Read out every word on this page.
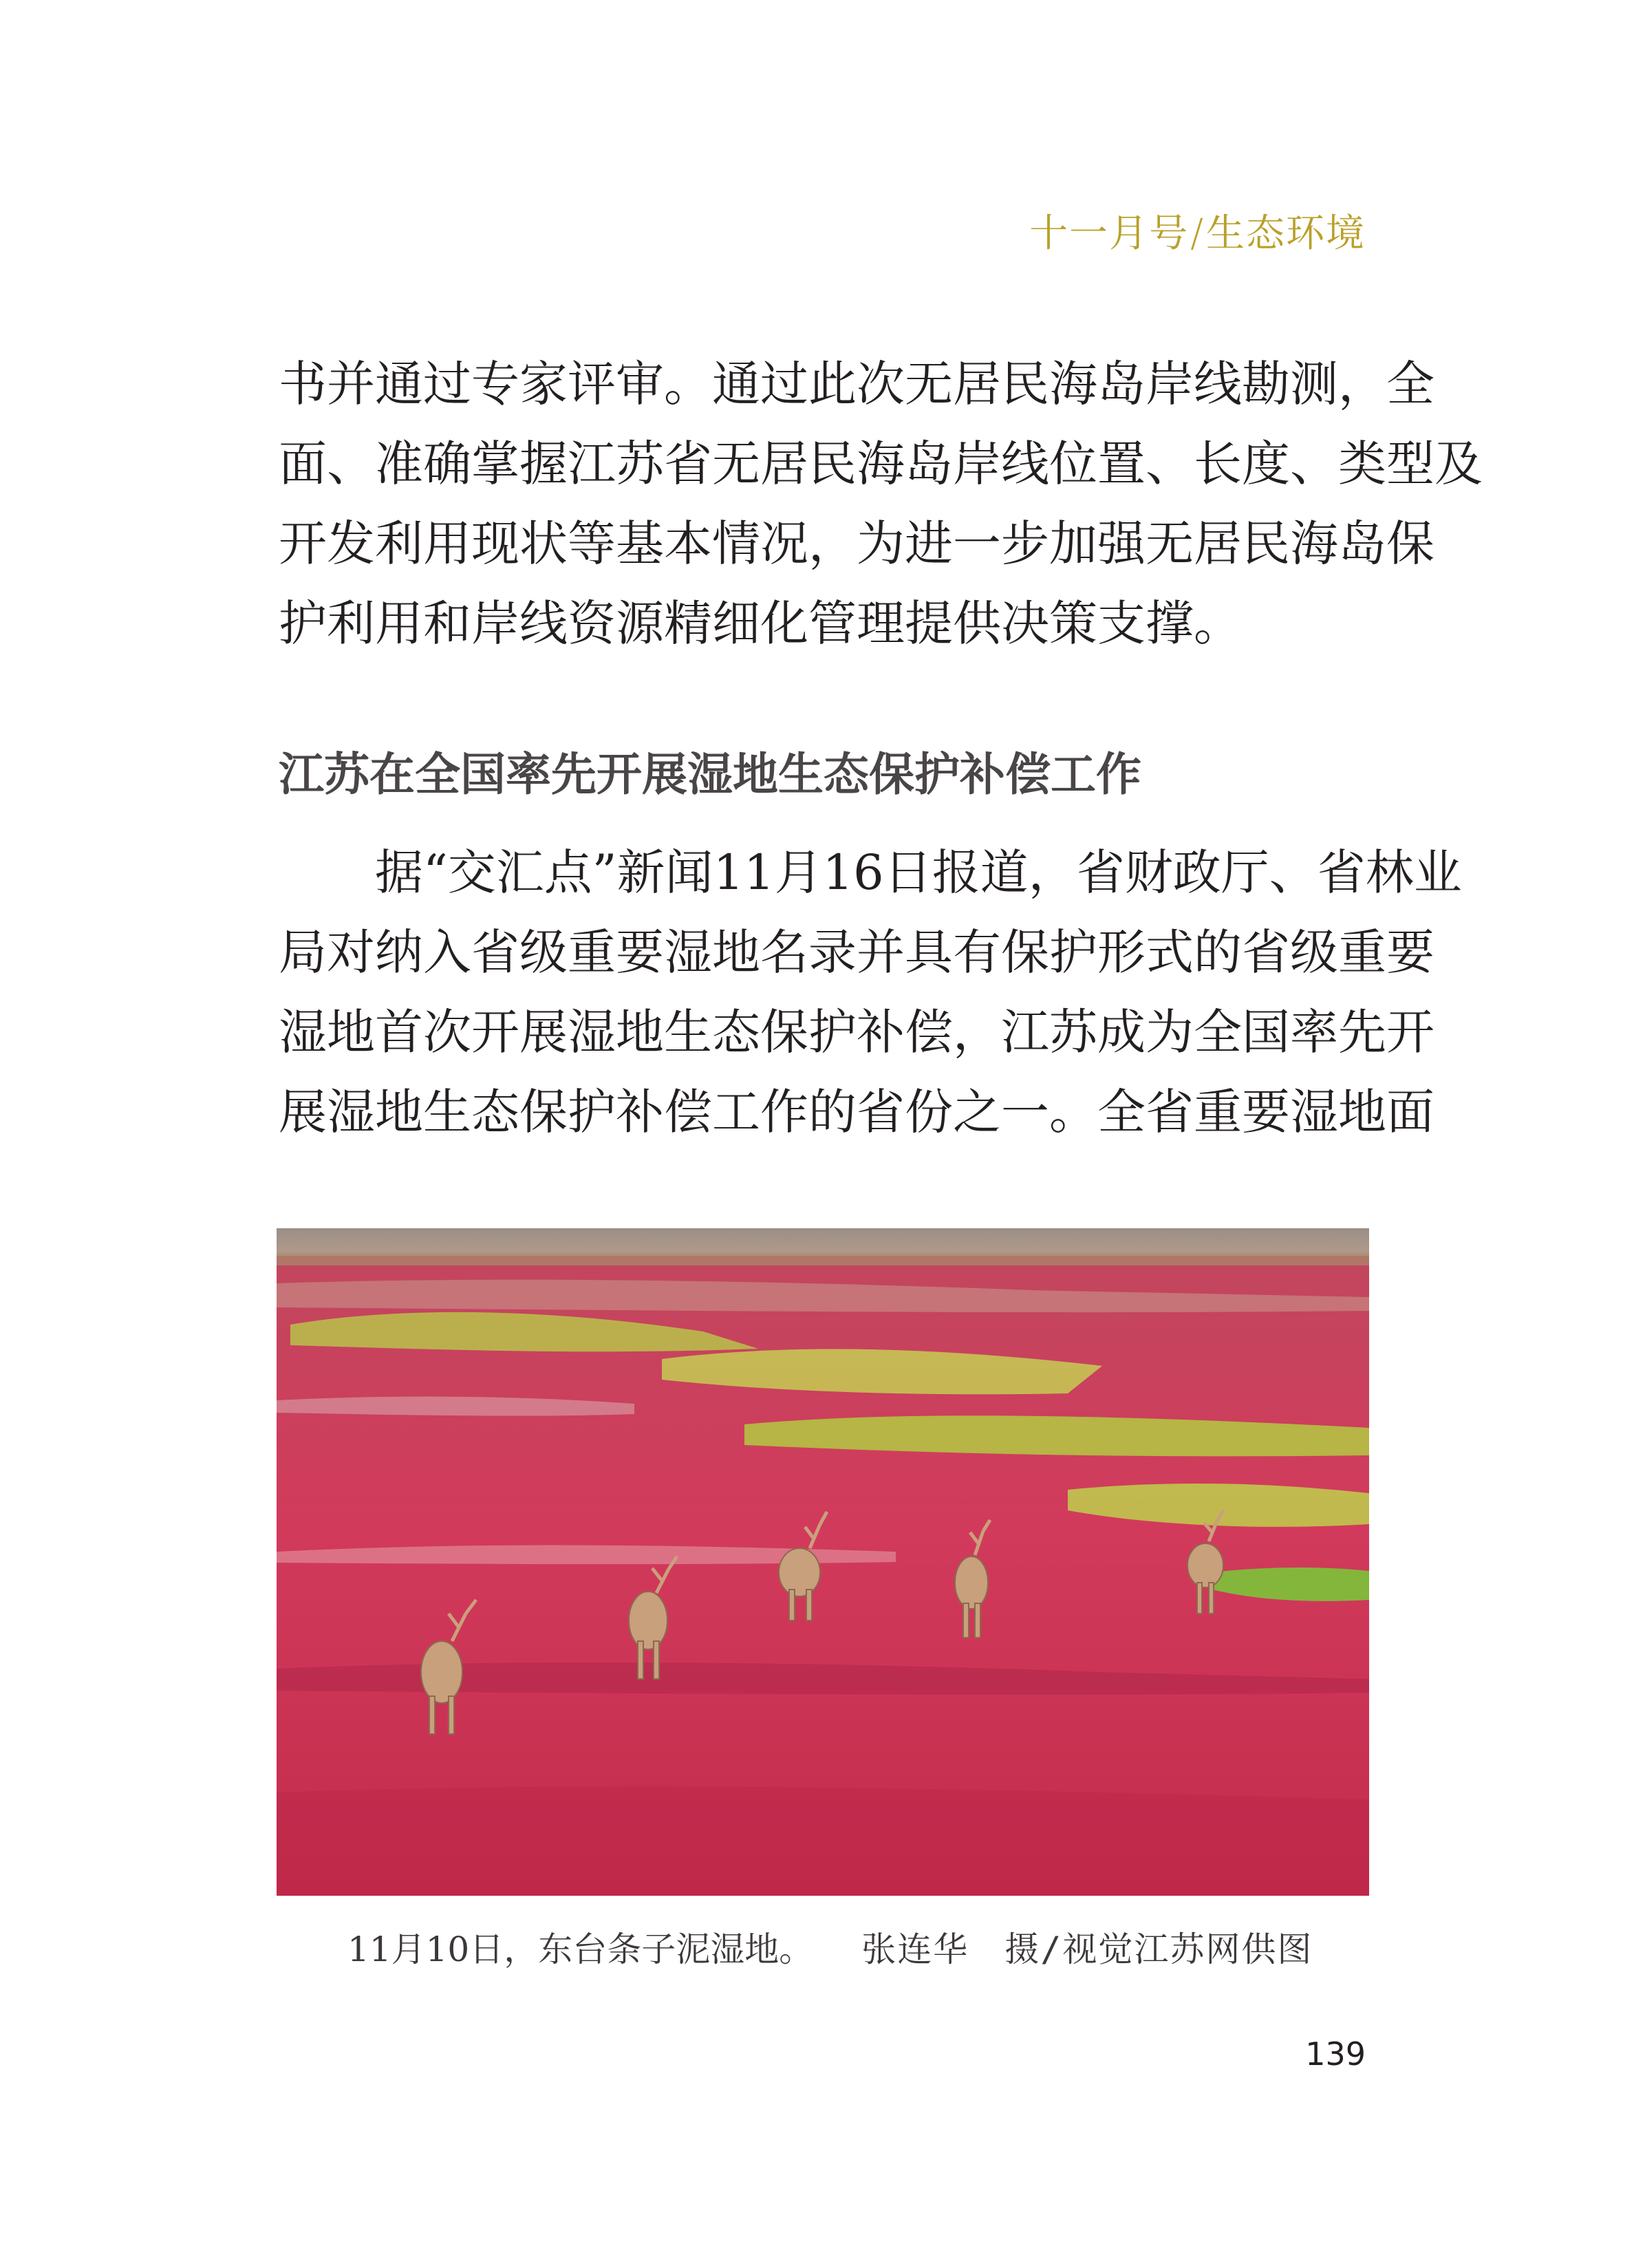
十一月号/生态环境
书并通过专家评审。通过此次无居民海岛岸线勘测，全
面、准确掌握江苏省无居民海岛岸线位置、长度、类型及
开发利用现状等基本情况，为进一步加强无居民海岛保
护利用和岸线资源精细化管理提供决策支撑。
江苏在全国率先开展湿地生态保护补偿工作
　　据“交汇点”新闻11月16日报道，省财政厅、省林业
局对纳入省级重要湿地名录并具有保护形式的省级重要
湿地首次开展湿地生态保护补偿，江苏成为全国率先开
展湿地生态保护补偿工作的省份之一。全省重要湿地面
11月10日，东台条子泥湿地。 张连华　摄/视觉江苏网供图
139
